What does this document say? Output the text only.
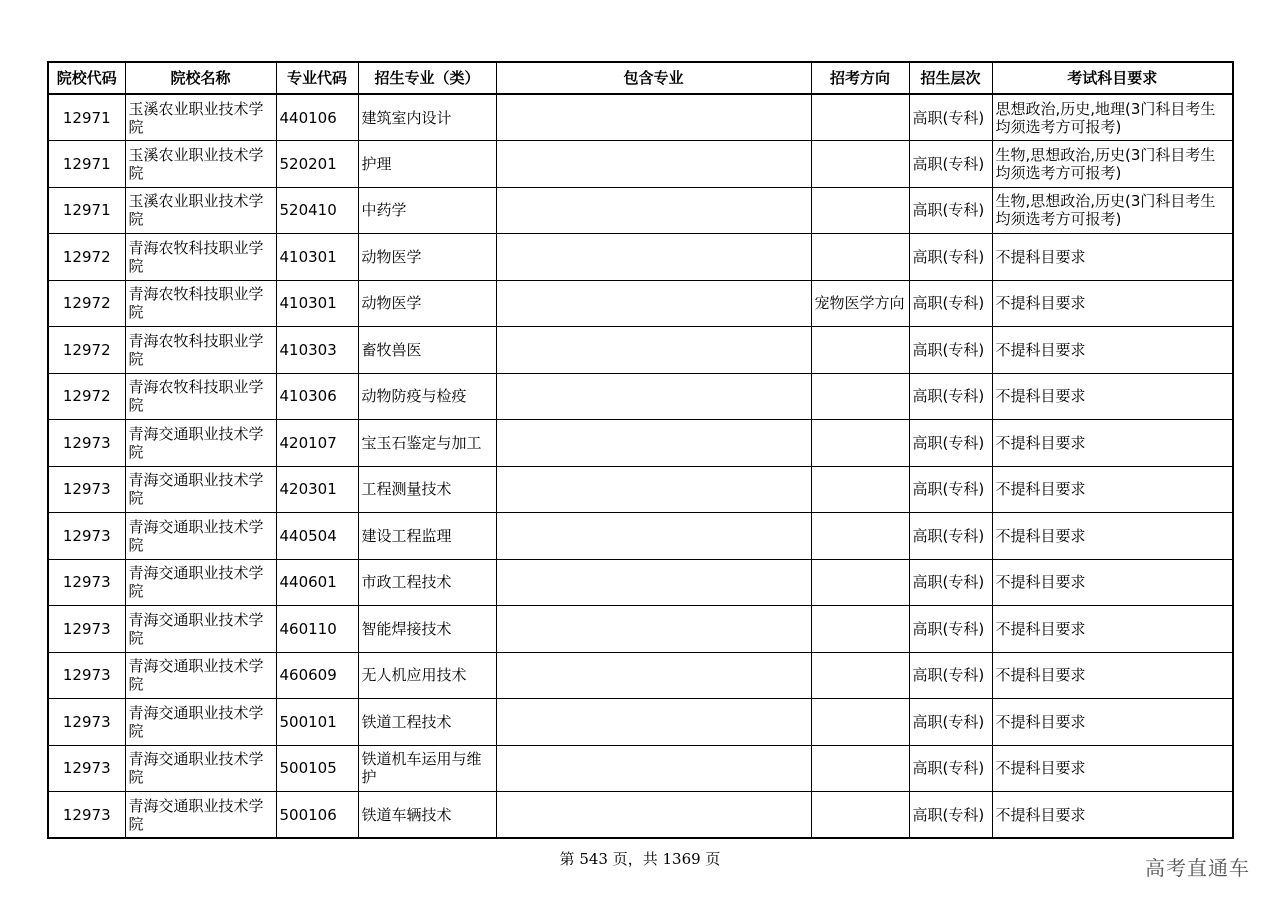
院校代码	院校名称	专业代码	招生专业（类）	包含专业	招考方向	招生层次	考试科目要求
12971	玉溪农业职业技术学院	440106	建筑室内设计			高职(专科)	思想政治,历史,地理(3门科目考生均须选考方可报考)
12971	玉溪农业职业技术学院	520201	护理			高职(专科)	生物,思想政治,历史(3门科目考生均须选考方可报考)
12971	玉溪农业职业技术学院	520410	中药学			高职(专科)	生物,思想政治,历史(3门科目考生均须选考方可报考)
12972	青海农牧科技职业学院	410301	动物医学			高职(专科)	不提科目要求
12972	青海农牧科技职业学院	410301	动物医学		宠物医学方向	高职(专科)	不提科目要求
12972	青海农牧科技职业学院	410303	畜牧兽医			高职(专科)	不提科目要求
12972	青海农牧科技职业学院	410306	动物防疫与检疫			高职(专科)	不提科目要求
12973	青海交通职业技术学院	420107	宝玉石鉴定与加工			高职(专科)	不提科目要求
12973	青海交通职业技术学院	420301	工程测量技术			高职(专科)	不提科目要求
12973	青海交通职业技术学院	440504	建设工程监理			高职(专科)	不提科目要求
12973	青海交通职业技术学院	440601	市政工程技术			高职(专科)	不提科目要求
12973	青海交通职业技术学院	460110	智能焊接技术			高职(专科)	不提科目要求
12973	青海交通职业技术学院	460609	无人机应用技术			高职(专科)	不提科目要求
12973	青海交通职业技术学院	500101	铁道工程技术			高职(专科)	不提科目要求
12973	青海交通职业技术学院	500105	铁道机车运用与维护			高职(专科)	不提科目要求
12973	青海交通职业技术学院	500106	铁道车辆技术			高职(专科)	不提科目要求
第 543 页，共 1369 页	高考直通车
